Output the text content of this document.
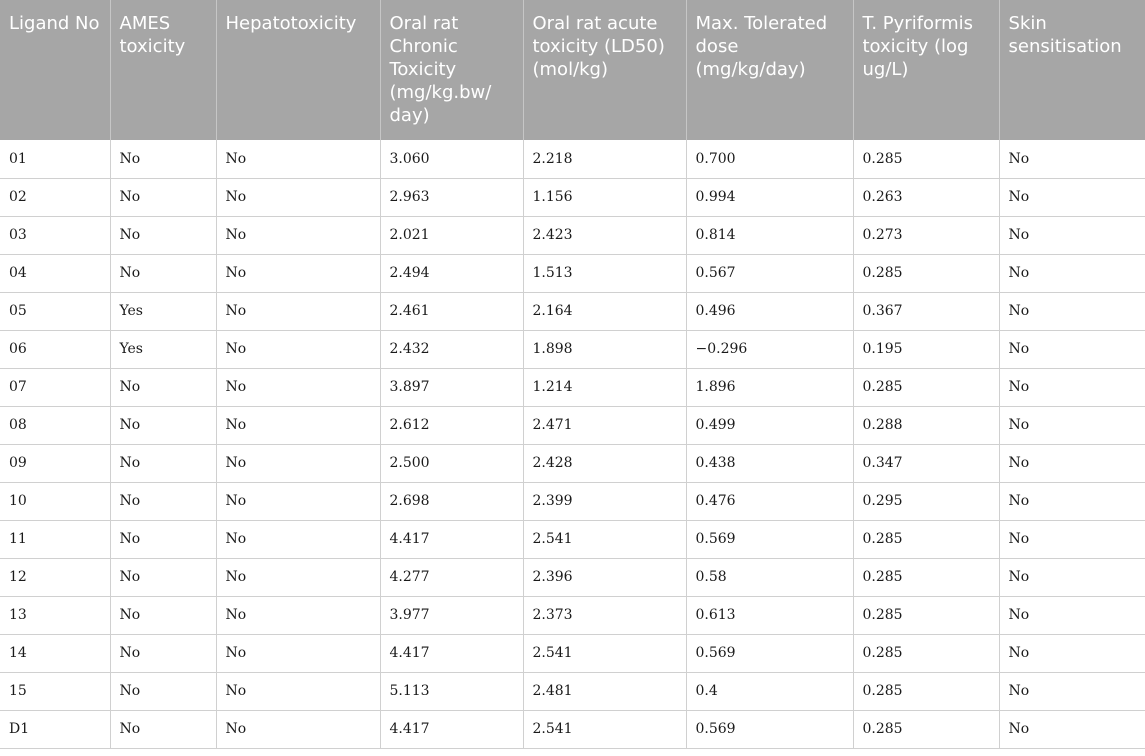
Ligand No	AMES toxicity	Hepatotoxicity	Oral rat Chronic Toxicity (mg/kg.bw/ day)	Oral rat acute toxicity (LD50) (mol/kg)	Max. Tolerated dose (mg/kg/day)	T. Pyriformis toxicity (log ug/L)	Skin sensitisation
01	No	No	3.060	2.218	0.700	0.285	No
02	No	No	2.963	1.156	0.994	0.263	No
03	No	No	2.021	2.423	0.814	0.273	No
04	No	No	2.494	1.513	0.567	0.285	No
05	Yes	No	2.461	2.164	0.496	0.367	No
06	Yes	No	2.432	1.898	−0.296	0.195	No
07	No	No	3.897	1.214	1.896	0.285	No
08	No	No	2.612	2.471	0.499	0.288	No
09	No	No	2.500	2.428	0.438	0.347	No
10	No	No	2.698	2.399	0.476	0.295	No
11	No	No	4.417	2.541	0.569	0.285	No
12	No	No	4.277	2.396	0.58	0.285	No
13	No	No	3.977	2.373	0.613	0.285	No
14	No	No	4.417	2.541	0.569	0.285	No
15	No	No	5.113	2.481	0.4	0.285	No
D1	No	No	4.417	2.541	0.569	0.285	No
